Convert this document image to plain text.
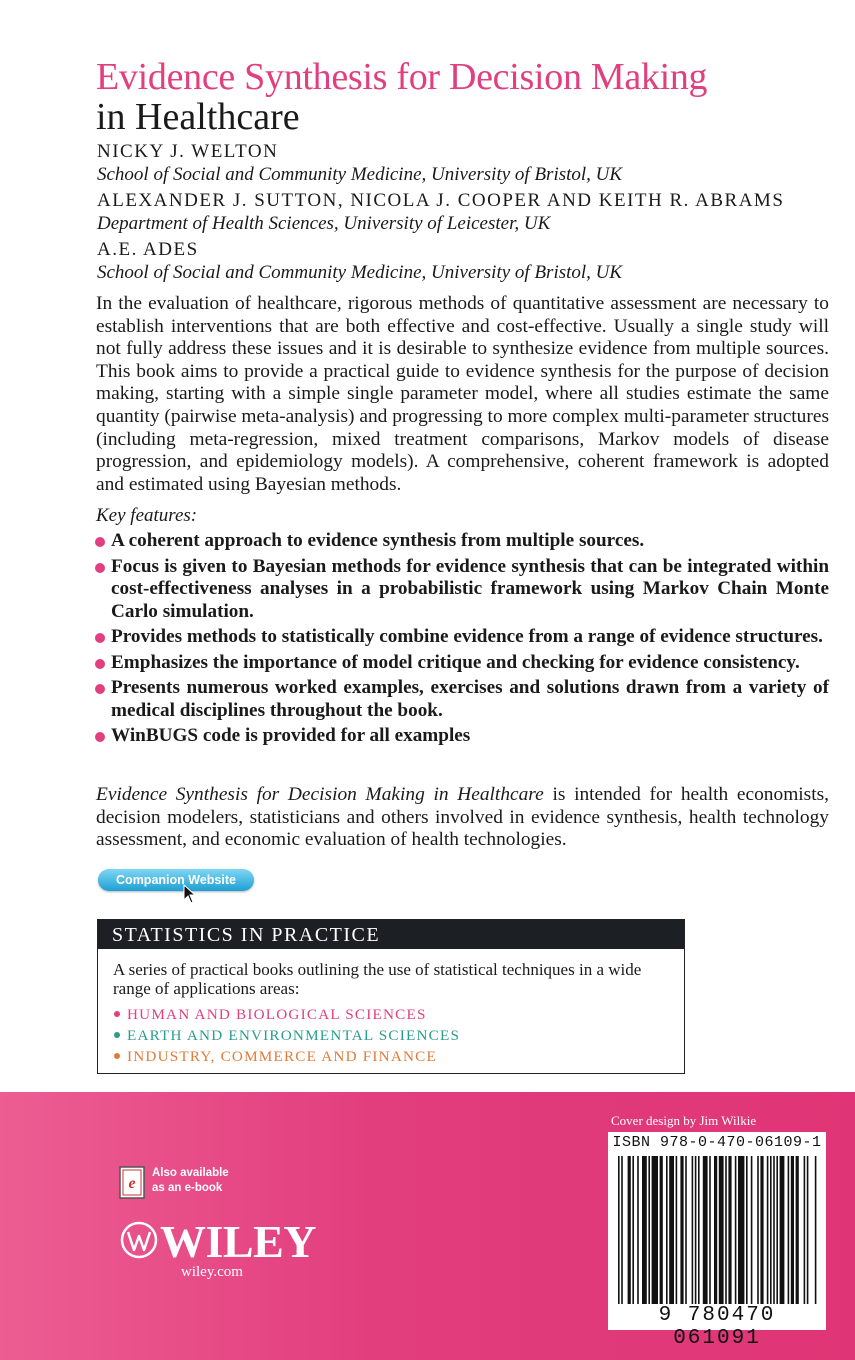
Evidence Synthesis for Decision Making
in Healthcare
NICKY J. WELTON
School of Social and Community Medicine, University of Bristol, UK
ALEXANDER J. SUTTON, NICOLA J. COOPER AND KEITH R. ABRAMS
Department of Health Sciences, University of Leicester, UK
A.E. ADES
School of Social and Community Medicine, University of Bristol, UK

In the evaluation of healthcare, rigorous methods of quantitative assessment are necessary to establish interventions that are both effective and cost-effective. Usually a single study will not fully address these issues and it is desirable to synthesize evidence from multiple sources. This book aims to provide a practical guide to evidence synthesis for the purpose of decision making, starting with a simple single parameter model, where all studies estimate the same quantity (pairwise meta-analysis) and progressing to more complex multi-parameter structures (including meta-regression, mixed treatment comparisons, Markov models of disease progression, and epidemiology models). A comprehensive, coherent framework is adopted and estimated using Bayesian methods.

Key features:
A coherent approach to evidence synthesis from multiple sources.
Focus is given to Bayesian methods for evidence synthesis that can be integrated within cost-effectiveness analyses in a probabilistic framework using Markov Chain Monte Carlo simulation.
Provides methods to statistically combine evidence from a range of evidence structures.
Emphasizes the importance of model critique and checking for evidence consistency.
Presents numerous worked examples, exercises and solutions drawn from a variety of medical disciplines throughout the book.
WinBUGS code is provided for all examples

Evidence Synthesis for Decision Making in Healthcare is intended for health economists, decision modelers, statisticians and others involved in evidence synthesis, health technology assessment, and economic evaluation of health technologies.

Companion Website
STATISTICS IN PRACTICE
A series of practical books outlining the use of statistical techniques in a wide range of applications areas:
HUMAN AND BIOLOGICAL SCIENCES
EARTH AND ENVIRONMENTAL SCIENCES
INDUSTRY, COMMERCE AND FINANCE
Cover design by Jim Wilkie
ISBN 978-0-470-06109-1
9 780470 061091
e
Also available
as an e-book
WILEY
wiley.com
